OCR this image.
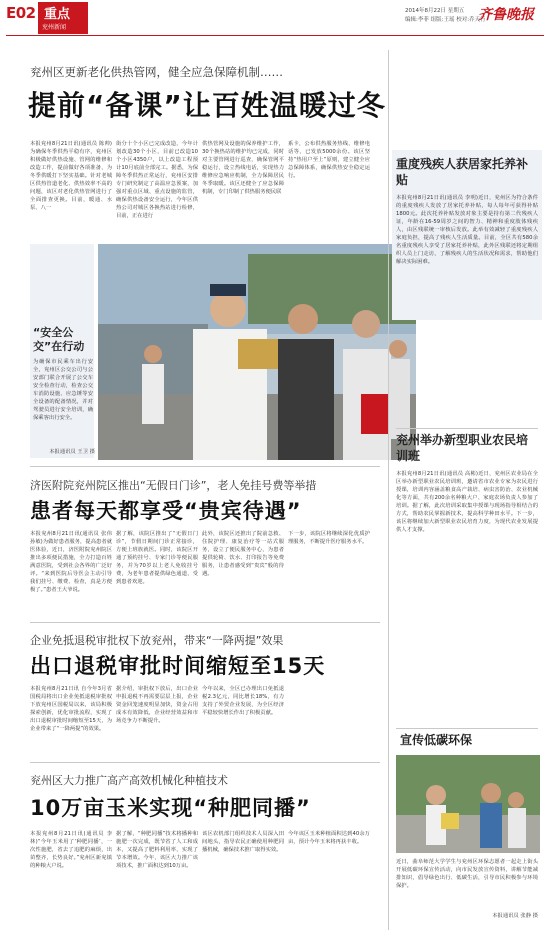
E02 重点
兖州新闻
2014年8月22日 星期五
编辑:李菲 组版:王瑶 校对:乔天行
齐鲁晚报
兖州区更新老化供热管网，健全应急保障机制……
提前“备课”让百姓温暖过冬
本报兖州8月21日讯(通讯员 陈帅)为确保冬季供热平稳有序，兖州区积极做好供热设施、管网的维修和改造工作，提前做好各项准备，为冬季供暖打下坚实基础。针对老城区供热管道老化、供热效率不高的问题，该区对老化供热管网进行了全面排查更换。目前，暖通、水泵、八一
街分十个小区已完成改造，今年计划改造30个小区，目前已改造10个小区4350户，以上改造工程预计10月底前全部完工。据悉，为保障冬季供热正常运行，兖州区安排专门研究制定了高温应急预案，加强对重点区域、重点设施的监管，确保供热设备安全运行，今年区供热公司对城区各换热站进行检修，目前，正在进行
供热管网及设施的保养维护工作，30个换热站的维护均已完成，同时对主要管网进行巡查，确保管网平稳运行，设立热线电话，实现热力维修应急响应机制，全力保障居民冬季取暖。该区还健全了应急保障机制，专门印制了供热服务便民联
系卡，公布供热服务热线、维修电话等，已发放5000余份。该区坚持“热用户至上”原则，建立健全应急保障体系，确保供热安全稳定运行。
“安全公交”在行动
为确保市民乘车出行安全，兖州区公交公司与公安部门联合开展了公交车安全检查行动，检查公交车消防设施、应急锤等安全设备的配备情况，并对驾驶员进行安全培训，确保乘客出行安全。
本报通讯员 王卫 摄
济医附院兖州院区推出“无假日门诊”，老人免挂号费等举措
患者每天都享受“贵宾待遇”
本报兖州8月21日讯(通讯员 张伟 孙敏)为做好患者服务，提高患者就医体验，近日，济医附院兖州院区推出多项便民措施，全力打造百姓满意医院，受到社会各界的广泛好评。“来到医院后导医会主动引导我们挂号、缴费、检查，真是方便极了。”患者王大爷说。
据了解，该院区推出了“无假日门诊”，节假日期间门诊正常接诊，方便上班族就医。同时，该院区开通了预约挂号、专家门诊等便民服务，并为70岁以上老人免收挂号费，为老年患者提供绿色通道，受到患者欢迎。
此外，该院区还推出了院前急救、住院护理、康复治疗等一站式服务，设立了便民服务中心，为患者提供轮椅、饮水、打印报告等免费服务，让患者感受到“贵宾”般的待遇。
下一步，该院区将继续深化优质护理服务，不断提升医疗服务水平。
企业免抵退税审批权下放兖州，带来“一降两提”效果
出口退税审批时间缩短至15天
本报兖州8月21日讯 自今年3月省国税局将出口企业免抵退税审批权下放兖州区国税局以来，该局积极探索创新，优化审批流程，实现了出口退税审批时间缩短至15天，为企业带来了“一降两提”的效果。
据介绍，审批权下放后，出口企业申报退税不再需要层层上报，企业资金回笼速度明显加快，资金占用成本有效降低，企业经营效益和市场竞争力不断提升。
今年以来，全区已办理出口免抵退税2.3亿元，同比增长18%，有力支持了外贸企业发展，为全区经济平稳较快增长作出了积极贡献。
兖州区大力推广高产高效机械化种植技术
10万亩玉米实现“种肥同播”
本报兖州8月21日讯(通讯员 李林)“今年玉米用了‘种肥同播’，一次性施肥，省去了追肥的麻烦，出苗整齐，长势良好。”兖州区新兖镇的种粮大户说。
据了解，“种肥同播”技术将播种和施肥一次完成，既节省了人工和成本，又提高了肥料利用率，实现了节本增效。今年，该区大力推广该项技术，推广面积达到10万亩。
该区农机部门组织技术人员深入田间地头，指导农民正确使用种肥同播机械，确保技术推广取得实效。
今年该区玉米种植面积达到40余万亩，预计今年玉米将再获丰收。
重度残疾人获居家托养补贴
本报兖州8月21日讯(通讯员 李明)近日，兖州区为符合条件的重度残疾人发放了居家托养补贴，每人每年可获得补贴1800元。此次托养补贴发放对象主要是持有第二代残疾人证，年龄在16-59周岁之间的智力、精神和重度肢体残疾人，由区残联统一审核后发放。此举有效减轻了重度残疾人家庭负担，提高了残疾人生活质量。目前，全区共有580余名重度残疾人享受了居家托养补贴，此外区残联还将定期组织人员上门走访，了解残疾人的生活状况和需求，帮助他们解决实际困难。
兖州举办新型职业农民培训班
本报兖州8月21日讯(通讯员 高彬)近日，兖州区农业局在全区举办新型职业农民培训班，邀请省市农业专家为农民进行授课，培训内容涵盖粮食高产栽培、病虫害防治、农业机械化等方面，共有200余名种粮大户、家庭农场负责人参加了培训。据了解，此次培训采取集中授课与现场指导相结合的方式，帮助农民掌握新技术，提高科学种田水平。下一步，该区将继续加大新型职业农民培育力度，为现代农业发展提供人才支撑。
宣传低碳环保
近日，曲阜师范大学学生与兖州区环保志愿者一起走上街头开展低碳环保宣传活动，向市民发放宣传资料，讲解节能减排知识，倡导绿色出行、低碳生活，引导市民积极参与环境保护。
本报通讯员 张静 摄
